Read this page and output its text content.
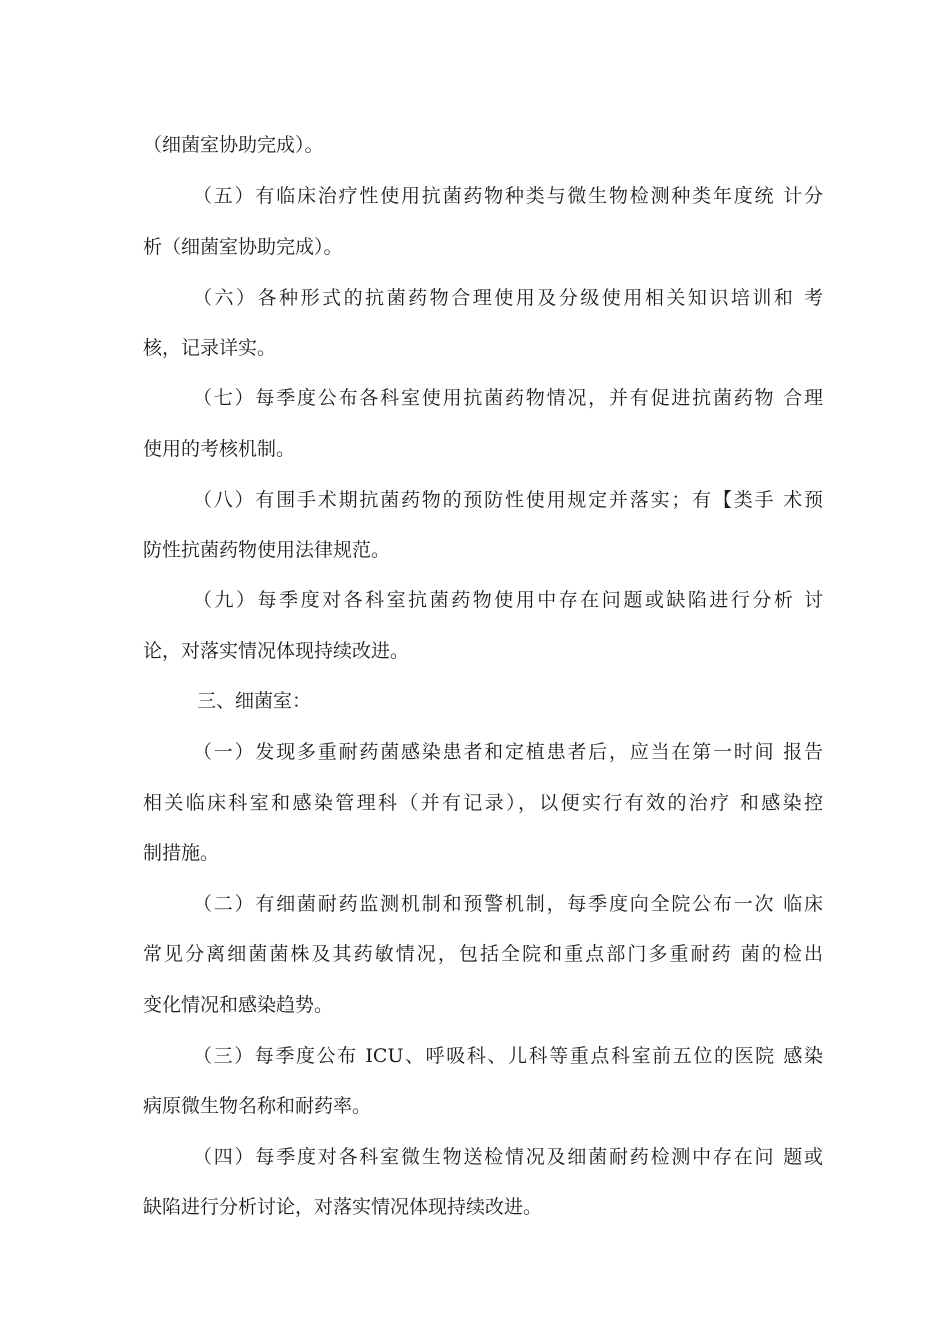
（细菌室协助完成）。
（五）有临床治疗性使用抗菌药物种类与微生物检测种类年度统 计分
析（细菌室协助完成）。
（六）各种形式的抗菌药物合理使用及分级使用相关知识培训和 考
核，记录详实。
（七）每季度公布各科室使用抗菌药物情况，并有促进抗菌药物 合理
使用的考核机制。
（八）有围手术期抗菌药物的预防性使用规定并落实；有【类手 术预
防性抗菌药物使用法律规范。
（九）每季度对各科室抗菌药物使用中存在问题或缺陷进行分析 讨
论，对落实情况体现持续改进。
三、细菌室：
（一）发现多重耐药菌感染患者和定植患者后，应当在第一时间 报告
相关临床科室和感染管理科（并有记录），以便实行有效的治疗 和感染控
制措施。
（二）有细菌耐药监测机制和预警机制，每季度向全院公布一次 临床
常见分离细菌菌株及其药敏情况，包括全院和重点部门多重耐药 菌的检出
变化情况和感染趋势。
（三）每季度公布 ICU、呼吸科、儿科等重点科室前五位的医院 感染
病原微生物名称和耐药率。
（四）每季度对各科室微生物送检情况及细菌耐药检测中存在问 题或
缺陷进行分析讨论，对落实情况体现持续改进。
